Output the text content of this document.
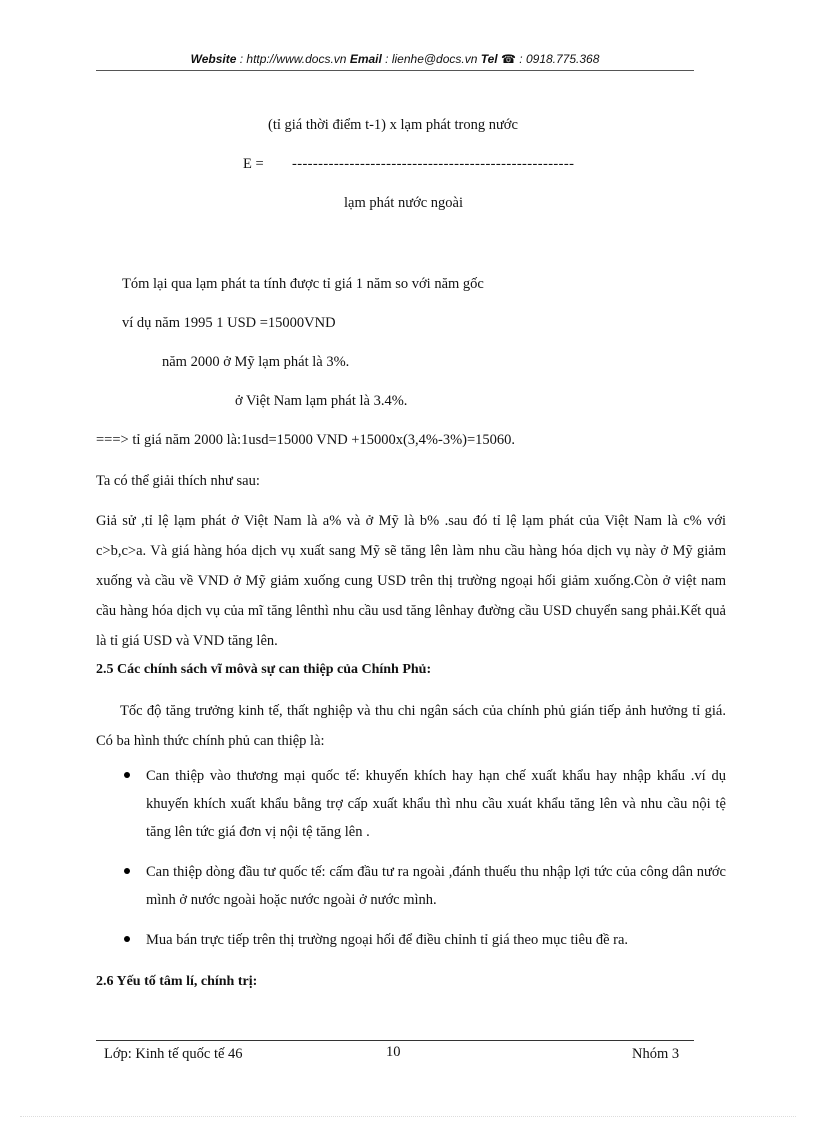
Website : http://www.docs.vn Email : lienhe@docs.vn Tel ☎ : 0918.775.368
(tỉ giá thời điểm t-1) x lạm phát trong nước
E = ------------------------------------------------------
lạm phát nước ngoài
Tóm lại qua lạm phát ta tính được tỉ giá 1 năm so với năm gốc
ví dụ năm 1995 1 USD =15000VND
năm 2000 ở Mỹ lạm phát là 3%.
ở Việt Nam lạm phát là 3.4%.
===> tỉ giá năm 2000 là:1usd=15000 VND +15000x(3,4%-3%)=15060.
Ta có thể giải thích như sau:
Giả sử ,tỉ lệ lạm phát ở Việt Nam là a% và ở Mỹ là b% .sau đó tỉ lệ lạm phát của Việt Nam là c% với c>b,c>a. Và giá hàng hóa dịch vụ xuất sang Mỹ sẽ tăng lên làm nhu cầu hàng hóa dịch vụ này ở Mỹ giảm xuống và cầu về VND ở Mỹ giảm xuống cung USD trên thị trường ngoại hối giảm xuống.Còn ở việt nam cầu hàng hóa dịch vụ của mĩ tăng lênthì nhu cầu usd tăng lênhay đường cầu USD chuyển sang phải.Kết quả là tỉ giá USD và VND tăng lên.
2.5 Các chính sách vĩ môvà sự can thiệp của Chính Phủ:
Tốc độ tăng trưởng kinh tế, thất nghiệp và thu chi ngân sách của chính phủ gián tiếp ảnh hưởng tỉ giá. Có ba hình thức chính phủ can thiệp là:
Can thiệp vào thương mại quốc tế: khuyến khích hay hạn chế xuất khẩu hay nhập khẩu .ví dụ khuyến khích xuất khẩu bằng trợ cấp xuất khẩu thì nhu cầu xuát khẩu tăng lên và nhu cầu nội tệ tăng lên tức giá đơn vị nội tệ tăng lên .
Can thiệp dòng đầu tư quốc tế: cấm đầu tư ra ngoài ,đánh thuếu thu nhập lợi tức của công dân nước mình ở nước ngoài hoặc nước ngoài ở nước mình.
Mua bán trực tiếp trên thị trường ngoại hối để điều chỉnh tỉ giá theo mục tiêu đề ra.
2.6 Yếu tố tâm lí, chính trị:
Lớp: Kinh tế quốc tế 46	10	Nhóm 3
